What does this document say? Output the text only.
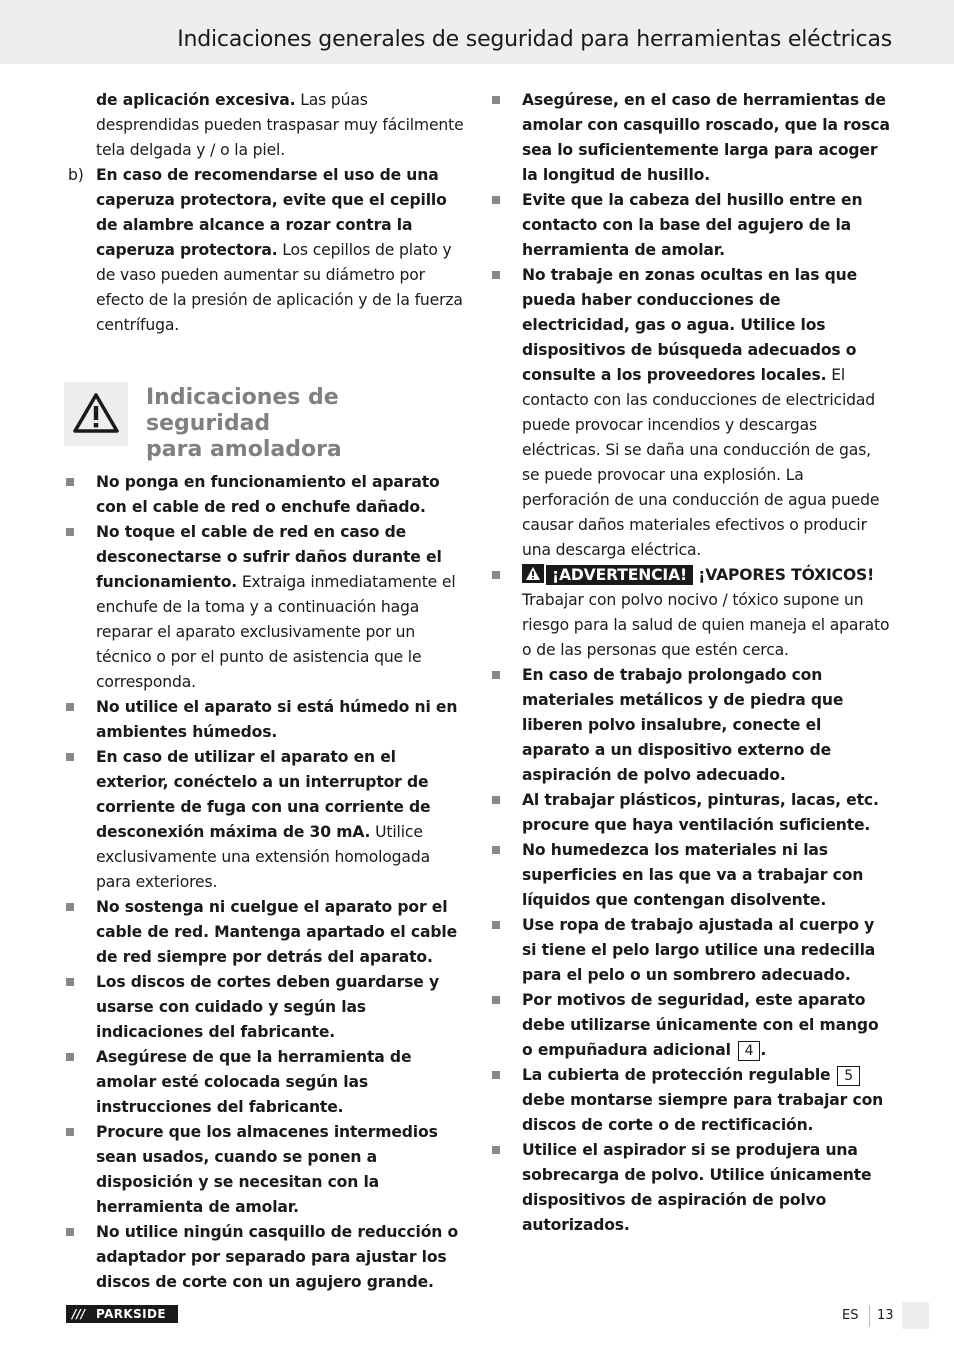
Indicaciones generales de seguridad para herramientas eléctricas
de aplicación excesiva. Las púas desprendidas pueden traspasar muy fácilmente tela delgada y / o la piel.
b) En caso de recomendarse el uso de una caperuza protectora, evite que el cepillo de alambre alcance a rozar contra la caperuza protectora. Los cepillos de plato y de vaso pueden aumentar su diámetro por efecto de la presión de aplicación y de la fuerza centrífuga.
Indicaciones de seguridad
para amoladora
No ponga en funcionamiento el aparato con el cable de red o enchufe dañado.
No toque el cable de red en caso de desconectarse o sufrir daños durante el funcionamiento. Extraiga inmediatamente el enchufe de la toma y a continuación haga reparar el aparato exclusivamente por un técnico o por el punto de asistencia que le corresponda.
No utilice el aparato si está húmedo ni en ambientes húmedos.
En caso de utilizar el aparato en el exterior, conéctelo a un interruptor de corriente de fuga con una corriente de desconexión máxima de 30 mA. Utilice exclusivamente una extensión homologada para exteriores.
No sostenga ni cuelgue el aparato por el cable de red. Mantenga apartado el cable de red siempre por detrás del aparato.
Los discos de cortes deben guardarse y usarse con cuidado y según las indicaciones del fabricante.
Asegúrese de que la herramienta de amolar esté colocada según las instrucciones del fabricante.
Procure que los almacenes intermedios sean usados, cuando se ponen a disposición y se necesitan con la herramienta de amolar.
No utilice ningún casquillo de reducción o adaptador por separado para ajustar los discos de corte con un agujero grande.
Asegúrese, en el caso de herramientas de amolar con casquillo roscado, que la rosca sea lo suficientemente larga para acoger la longitud de husillo.
Evite que la cabeza del husillo entre en contacto con la base del agujero de la herramienta de amolar.
No trabaje en zonas ocultas en las que pueda haber conducciones de electricidad, gas o agua. Utilice los dispositivos de búsqueda adecuados o consulte a los proveedores locales. El contacto con las conducciones de electricidad puede provocar incendios y descargas eléctricas. Si se daña una conducción de gas, se puede provocar una explosión. La perforación de una conducción de agua puede causar daños materiales efectivos o producir una descarga eléctrica.
¡ADVERTENCIA! ¡VAPORES TÓXICOS! Trabajar con polvo nocivo / tóxico supone un riesgo para la salud de quien maneja el aparato o de las personas que estén cerca.
En caso de trabajo prolongado con materiales metálicos y de piedra que liberen polvo insalubre, conecte el aparato a un dispositivo externo de aspiración de polvo adecuado.
Al trabajar plásticos, pinturas, lacas, etc. procure que haya ventilación suficiente.
No humedezca los materiales ni las superficies en las que va a trabajar con líquidos que contengan disolvente.
Use ropa de trabajo ajustada al cuerpo y si tiene el pelo largo utilice una redecilla para el pelo o un sombrero adecuado.
Por motivos de seguridad, este aparato debe utilizarse únicamente con el mango o empuñadura adicional 4 .
La cubierta de protección regulable 5 debe montarse siempre para trabajar con discos de corte o de rectificación.
Utilice el aspirador si se produjera una sobrecarga de polvo. Utilice únicamente dispositivos de aspiración de polvo autorizados.
/// PARKSIDE	ES 13
